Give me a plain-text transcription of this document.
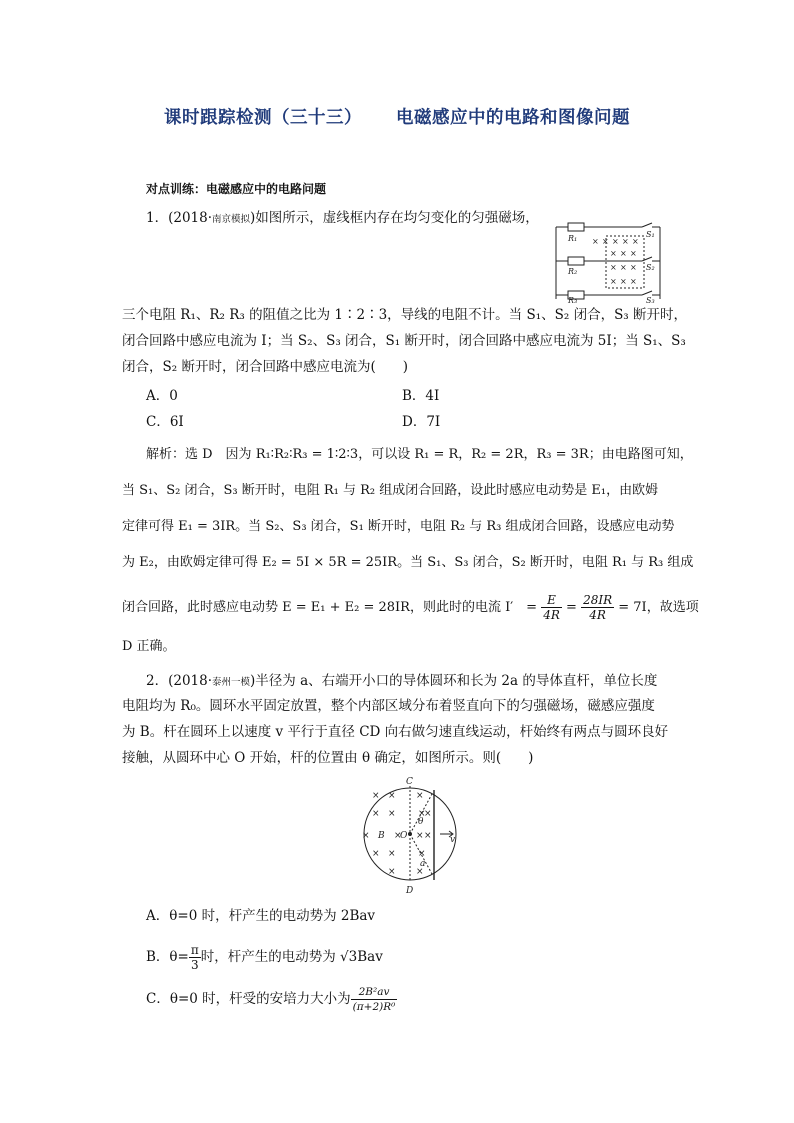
课时跟踪检测（三十三） 电磁感应中的电路和图像问题
对点训练：电磁感应中的电路问题
1．(2018·南京模拟)如图所示，虚线框内存在均匀变化的匀强磁场，
× × × × ×
× × ×
× × ×
× × ×
R₁
R₂
R₃
S₁
S₂
S₃
三个电阻 R₁、R₂ R₃ 的阻值之比为 1∶2∶3，导线的电阻不计。当 S₁、S₂ 闭合，S₃ 断开时，
闭合回路中感应电流为 I；当 S₂、S₃ 闭合，S₁ 断开时，闭合回路中感应电流为 5I；当 S₁、S₃
闭合，S₂ 断开时，闭合回路中感应电流为(　　)
A．0	B．4I
C．6I	D．7I
解析：选 D　因为 R₁∶R₂∶R₃ = 1∶2∶3，可以设 R₁ = R，R₂ = 2R，R₃ = 3R；由电路图可知，
当 S₁、S₂ 闭合，S₃ 断开时，电阻 R₁ 与 R₂ 组成闭合回路，设此时感应电动势是 E₁，由欧姆
定律可得 E₁ = 3IR。当 S₂、S₃ 闭合，S₁ 断开时，电阻 R₂ 与 R₃ 组成闭合回路，设感应电动势
为 E₂，由欧姆定律可得 E₂ = 5I × 5R = 25IR。当 S₁、S₃ 闭合，S₂ 断开时，电阻 R₁ 与 R₃ 组成
闭合回路，此时感应电动势 E = E₁ + E₂ = 28IR，则此时的电流 I′　= $\frac{E}{4R} = \frac{28IR}{4R} = 7I$，故选项
D 正确。
2．(2018·泰州一模)半径为 a、右端开小口的导体圆环和长为 2a 的导体直杆，单位长度
电阻均为 R₀。圆环水平固定放置，整个内部区域分布着竖直向下的匀强磁场，磁感应强度
为 B。杆在圆环上以速度 v 平行于直径 CD 向右做匀速直线运动，杆始终有两点与圆环良好
接触，从圆环中心 O 开始，杆的位置由 θ 确定，如图所示。则(　　)
× × ×
× × ×
×
×	× × ×
× × ×
× ×
C
D
B O
θ
v
a
A．θ=0 时，杆产生的电动势为 2Bav
B．$\theta= \frac{\pi}{3}$ 时，杆产生的电动势为 √3Bav
C．θ=0 时，杆受的安培力大小为 $\frac{\text{2B²av}}{\text{(π+2)R⁰}}$
